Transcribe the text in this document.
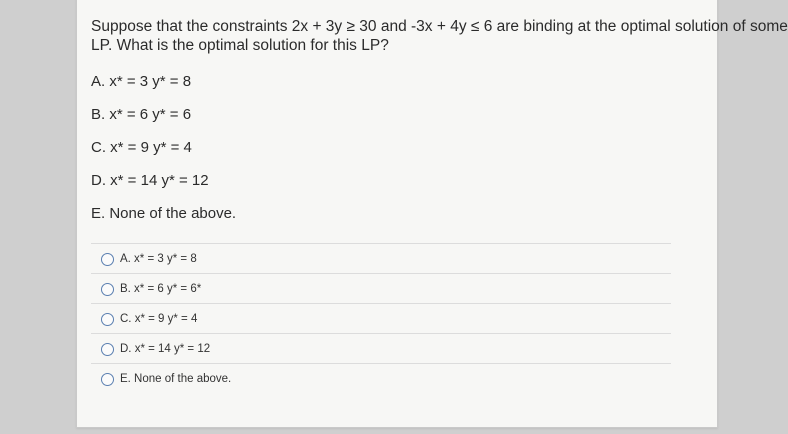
Suppose that the constraints 2x + 3y ≥ 30 and -3x + 4y ≤ 6 are binding at the optimal solution of some
LP. What is the optimal solution for this LP?
A. x* = 3 y* = 8
B. x* = 6 y* = 6
C. x* = 9 y* = 4
D. x* = 14 y* = 12
E. None of the above.
A. x* = 3 y* = 8
B. x* = 6 y* = 6*
C. x* = 9 y* = 4
D. x* = 14 y* = 12
E. None of the above.
